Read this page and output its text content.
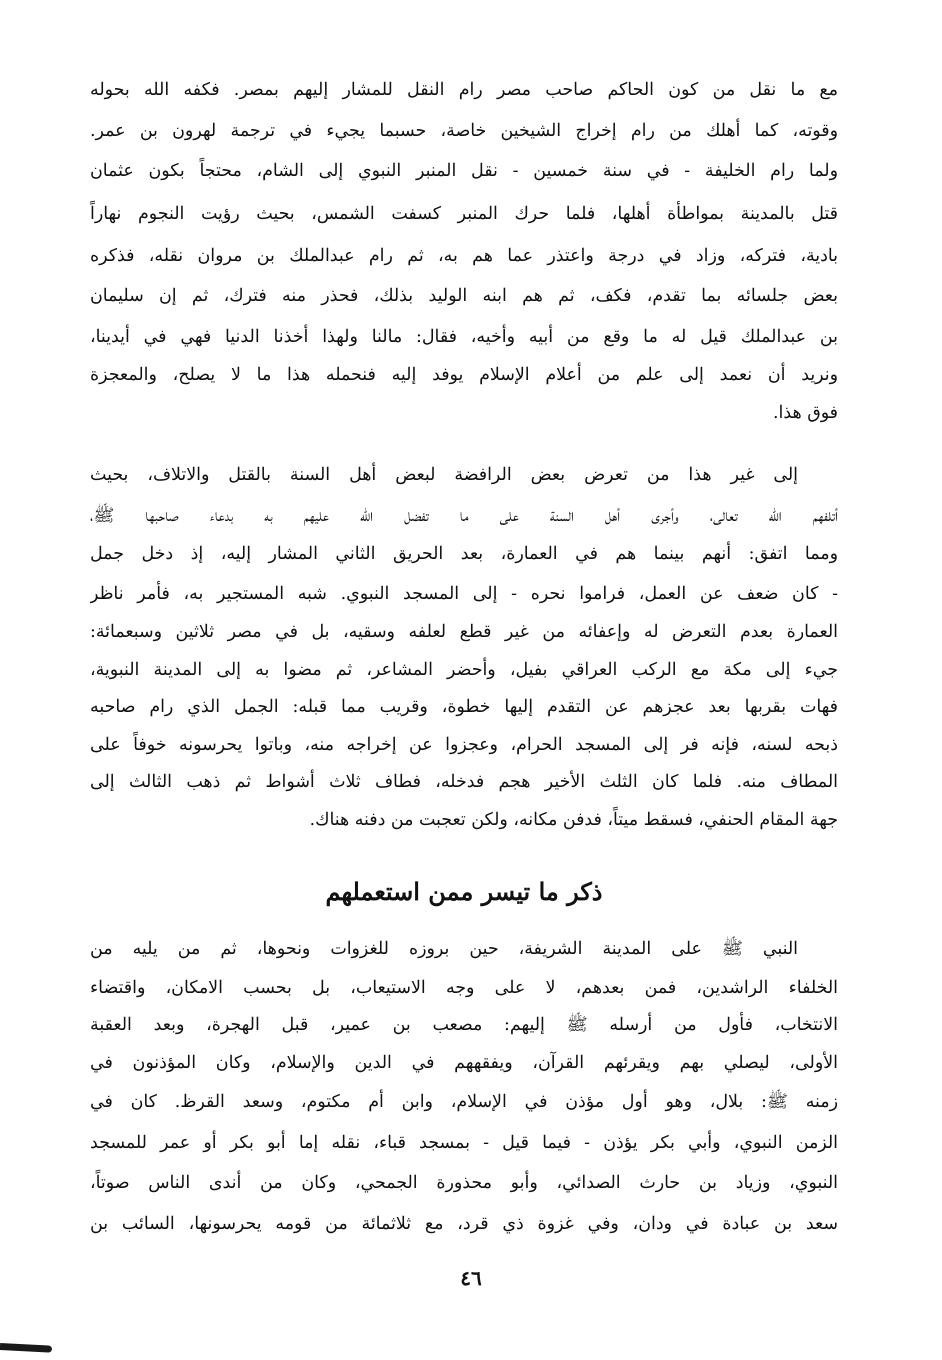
مع ما نقل من كون الحاكم صاحب مصر رام النقل للمشار إليهم بمصر. فكفه الله بحوله
وقوته، كما أهلك من رام إخراج الشيخين خاصة، حسبما يجيء في ترجمة لهرون بن عمر.
ولما رام الخليفة - في سنة خمسين - نقل المنبر النبوي إلى الشام، محتجاً بكون عثمان
قتل بالمدينة بمواطأة أهلها، فلما حرك المنبر كسفت الشمس، بحيث رؤيت النجوم نهاراً
بادية، فتركه، وزاد في درجة واعتذر عما هم به، ثم رام عبدالملك بن مروان نقله، فذكره
بعض جلسائه بما تقدم، فكف، ثم هم ابنه الوليد بذلك، فحذر منه فترك، ثم إن سليمان
بن عبدالملك قيل له ما وقع من أبيه وأخيه، فقال: مالنا ولهذا أخذنا الدنيا فهي في أيدينا،
ونريد أن نعمد إلى علم من أعلام الإسلام يوفد إليه فنحمله هذا ما لا يصلح، والمعجزة
فوق هذا.
إلى غير هذا من تعرض بعض الرافضة لبعض أهل السنة بالقتل والاتلاف، بحيث
أتلفهم الله تعالى، وأجرى أهل السنة على ما تفضل الله عليهم به بدعاء صاحبها ﷺ،
ومما اتفق: أنهم بينما هم في العمارة، بعد الحريق الثاني المشار إليه، إذ دخل جمل
- كان ضعف عن العمل، فراموا نحره - إلى المسجد النبوي. شبه المستجير به، فأمر ناظر
العمارة بعدم التعرض له وإعفائه من غير قطع لعلفه وسقيه، بل في مصر ثلاثين وسبعمائة:
جيء إلى مكة مع الركب العراقي بفيل، وأحضر المشاعر، ثم مضوا به إلى المدينة النبوية،
فهات بقربها بعد عجزهم عن التقدم إليها خطوة، وقريب مما قبله: الجمل الذي رام صاحبه
ذبحه لسنه، فإنه فر إلى المسجد الحرام، وعجزوا عن إخراجه منه، وباتوا يحرسونه خوفاً على
المطاف منه. فلما كان الثلث الأخير هجم فدخله، فطاف ثلاث أشواط ثم ذهب الثالث إلى
جهة المقام الحنفي، فسقط ميتاً، فدفن مكانه، ولكن تعجبت من دفنه هناك.
ذكر ما تيسر ممن استعملهم
النبي ﷺ على المدينة الشريفة، حين بروزه للغزوات ونحوها، ثم من يليه من
الخلفاء الراشدين، فمن بعدهم، لا على وجه الاستيعاب، بل بحسب الامكان، واقتضاء
الانتخاب، فأول من أرسله ﷺ إليهم: مصعب بن عمير، قبل الهجرة، وبعد العقبة
الأولى، ليصلي بهم ويقرئهم القرآن، ويفقههم في الدين والإسلام، وكان المؤذنون في
زمنه ﷺ: بلال، وهو أول مؤذن في الإسلام، وابن أم مكتوم، وسعد القرظ. كان في
الزمن النبوي، وأبي بكر يؤذن - فيما قيل - بمسجد قباء، نقله إما أبو بكر أو عمر للمسجد
النبوي، وزياد بن حارث الصدائي، وأبو محذورة الجمحي، وكان من أندى الناس صوتاً،
سعد بن عبادة في ودان، وفي غزوة ذي قرد، مع ثلاثمائة من قومه يحرسونها، السائب بن
٤٦
